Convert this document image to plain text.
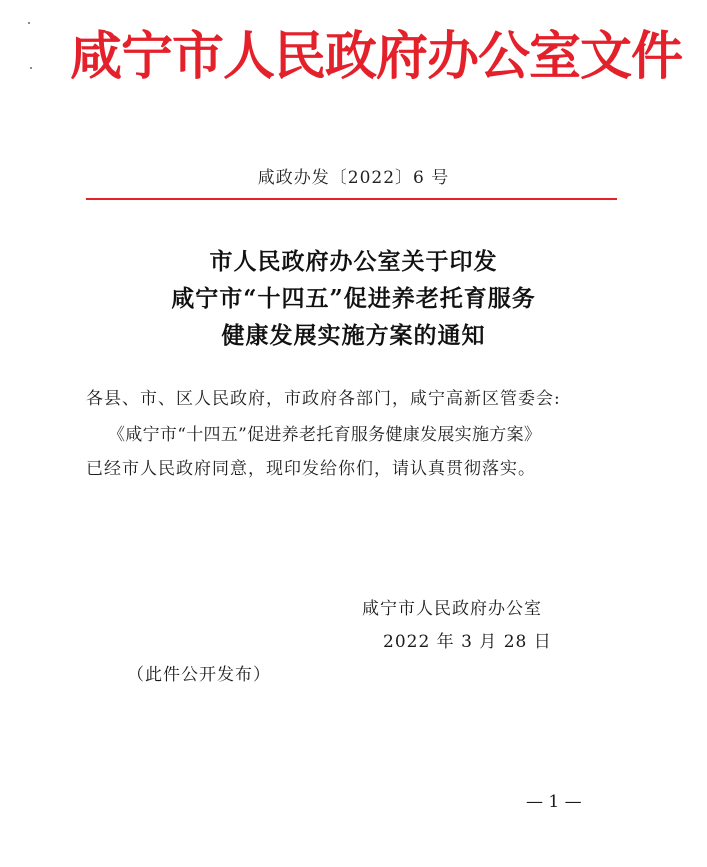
咸宁市人民政府办公室文件
咸政办发〔2022〕6 号
市人民政府办公室关于印发
咸宁市“十四五”促进养老托育服务
健康发展实施方案的通知
各县、市、区人民政府，市政府各部门，咸宁高新区管委会:
《咸宁市“十四五”促进养老托育服务健康发展实施方案》
已经市人民政府同意，现印发给你们，请认真贯彻落实。
咸宁市人民政府办公室
2022 年 3 月 28 日
（此件公开发布）
— 1 —
